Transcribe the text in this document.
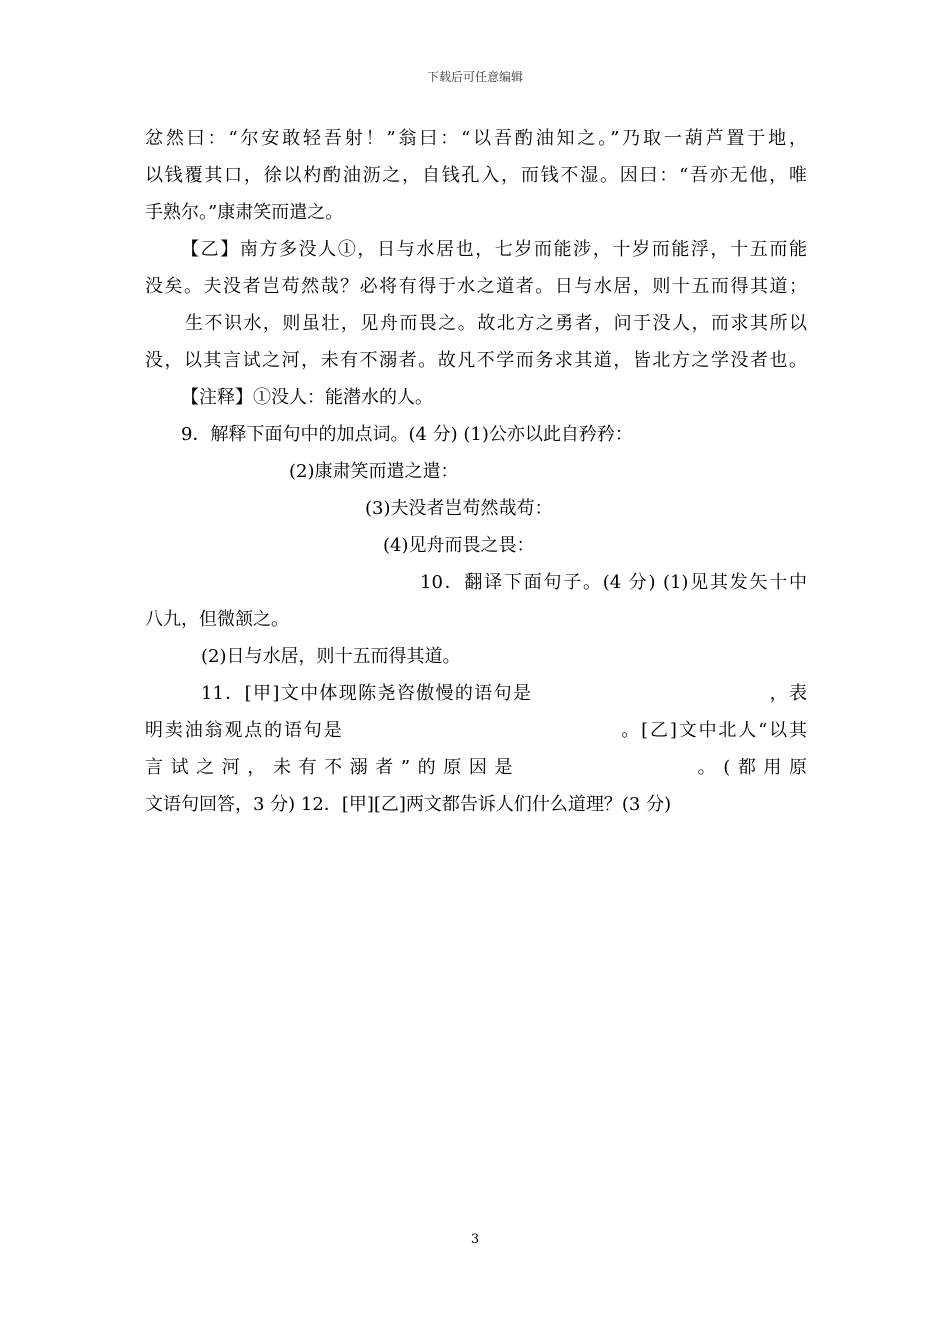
下载后可任意编辑
忿然曰：“尔安敢轻吾射！”翁曰：“以吾酌油知之。”乃取一葫芦置于地，
以钱覆其口，徐以杓酌油沥之，自钱孔入，而钱不湿。因曰：“吾亦无他，唯
手熟尔。”康肃笑而遣之。
【乙】南方多没人①，日与水居也，七岁而能涉，十岁而能浮，十五而能
没矣。夫没者岂苟然哉？必将有得于水之道者。日与水居，则十五而得其道；
生不识水，则虽壮，见舟而畏之。故北方之勇者，问于没人，而求其所以
没，以其言试之河，未有不溺者。故凡不学而务求其道，皆北方之学没者也。
【注释】①没人：能潜水的人。
9．解释下面句中的加点词。(4 分) (1)公亦以此自矜矜：
(2)康肃笑而遣之遣：
(3)夫没者岂苟然哉苟：
(4)见舟而畏之畏：
10．翻译下面句子。(4 分) (1)见其发矢十中
八九，但微颔之。
(2)日与水居，则十五而得其道。
11．[甲]文中体现陈尧咨傲慢的语句是	，表
明卖油翁观点的语句是	。[乙]文中北人“以其
言试之河，未有不溺者”的原因是	。(都用原
文语句回答，3 分) 12．[甲][乙]两文都告诉人们什么道理？(3 分)
3
